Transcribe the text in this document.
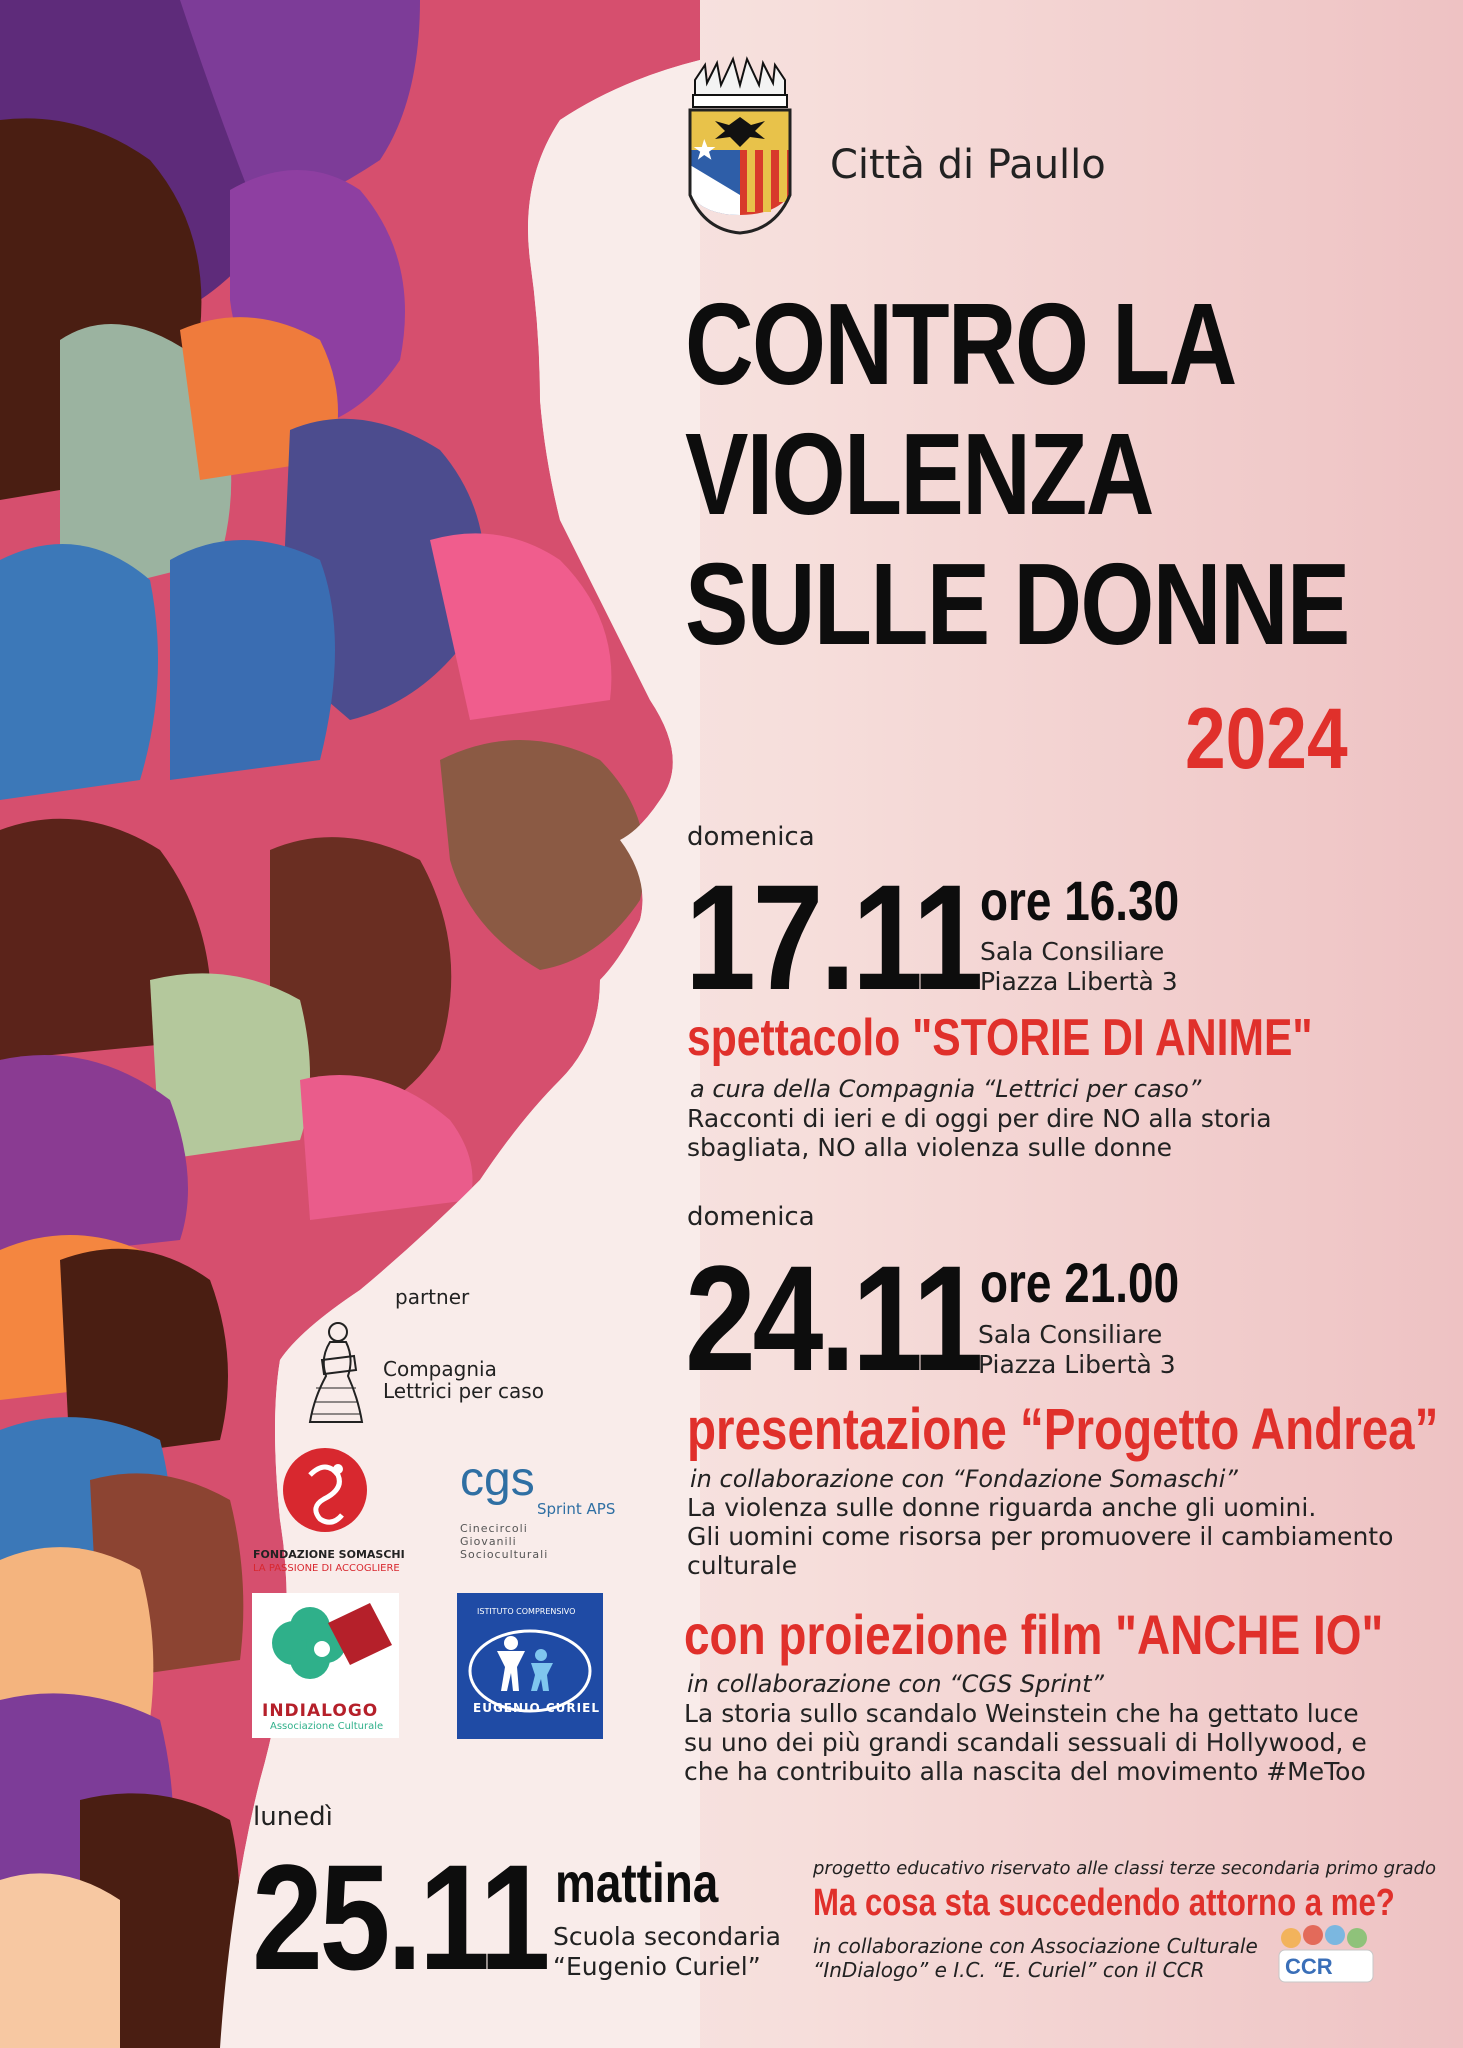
Città di Paullo
CONTRO LA
VIOLENZA
SULLE DONNE
2024
domenica
17.11 ore 16.30
Sala Consiliare
Piazza Libertà 3
spettacolo "STORIE DI ANIME"
a cura della Compagnia “Lettrici per caso”
Racconti di ieri e di oggi per dire NO alla storia
sbagliata, NO alla violenza sulle donne
domenica
24.11 ore 21.00
Sala Consiliare
Piazza Libertà 3
presentazione “Progetto Andrea”
in collaborazione con “Fondazione Somaschi”
La violenza sulle donne riguarda anche gli uomini.
Gli uomini come risorsa per promuovere il cambiamento
culturale
con proiezione film "ANCHE IO"
in collaborazione con “CGS Sprint”
La storia sullo scandalo Weinstein che ha gettato luce
su uno dei più grandi scandali sessuali di Hollywood, e
che ha contribuito alla nascita del movimento #MeToo
lunedì
25.11 mattina
Scuola secondaria
“Eugenio Curiel”
progetto educativo riservato alle classi terze secondaria primo grado
Ma cosa sta succedendo attorno a me?
in collaborazione con Associazione Culturale
“InDialogo” e I.C. “E. Curiel” con il CCR	CCR
partner
Compagnia
Lettrici per caso
FONDAZIONE SOMASCHI
LA PASSIONE DI ACCOGLIERE
cgs
Sprint APS
Cinecircoli
Giovanili
Socioculturali
INDIALOGO
Associazione Culturale
ISTITUTO COMPRENSIVO
EUGENIO CURIEL
